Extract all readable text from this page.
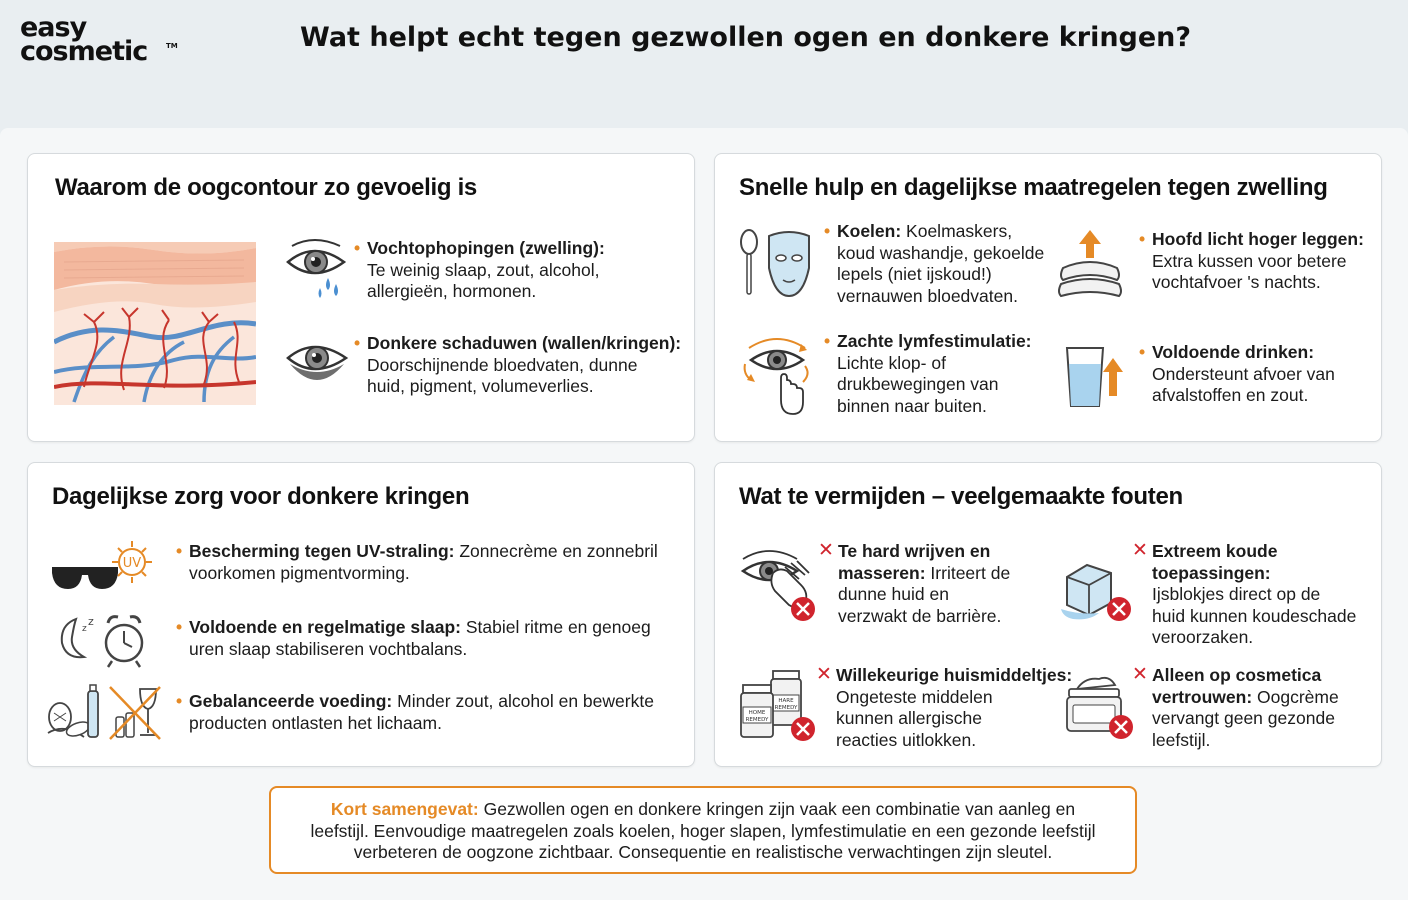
easy
cosmetic	TM	Wat helpt echt tegen gezwollen ogen en donkere kringen?
Waarom de oogcontour zo gevoelig is
• Vochtophopingen (zwelling):
Te weinig slaap, zout, alcohol,
allergieën, hormonen.
• Donkere schaduwen (wallen/kringen):
Doorschijnende bloedvaten, dunne
huid, pigment, volumeverlies.
Snelle hulp en dagelijkse maatregelen tegen zwelling
• Koelen: Koelmaskers,
koud washandje, gekoelde
lepels (niet ijskoud!)
vernauwen bloedvaten.
• Hoofd licht hoger leggen:
Extra kussen voor betere
vochtafvoer 's nachts.
• Zachte lymfestimulatie:
Lichte klop- of
drukbewegingen van
binnen naar buiten.
• Voldoende drinken:
Ondersteunt afvoer van
afvalstoffen en zout.
Dagelijkse zorg voor donkere kringen
UV
• Bescherming tegen UV-straling: Zonnecrème en zonnebril
voorkomen pigmentvorming.
z
z	• Voldoende en regelmatige slaap: Stabiel ritme en genoeg
uren slaap stabiliseren vochtbalans.
• Gebalanceerde voeding: Minder zout, alcohol en bewerkte
producten ontlasten het lichaam.
Wat te vermijden – veelgemaakte fouten
✕ Te hard wrijven en
masseren: Irriteert de
dunne huid en
verzwakt de barrière.
✕ Extreem koude
toepassingen:
Ijsblokjes direct op de
huid kunnen koudeschade
veroorzaken.
HARE
REMEDY
HOME
REMEDY
✕ Willekeurige huismiddeltjes:
Ongeteste middelen
kunnen allergische
reacties uitlokken.
✕ Alleen op cosmetica
vertrouwen: Oogcrème
vervangt geen gezonde
leefstijl.
Kort samengevat: Gezwollen ogen en donkere kringen zijn vaak een combinatie van aanleg en
leefstijl. Eenvoudige maatregelen zoals koelen, hoger slapen, lymfestimulatie en een gezonde leefstijl
verbeteren de oogzone zichtbaar. Consequentie en realistische verwachtingen zijn sleutel.
